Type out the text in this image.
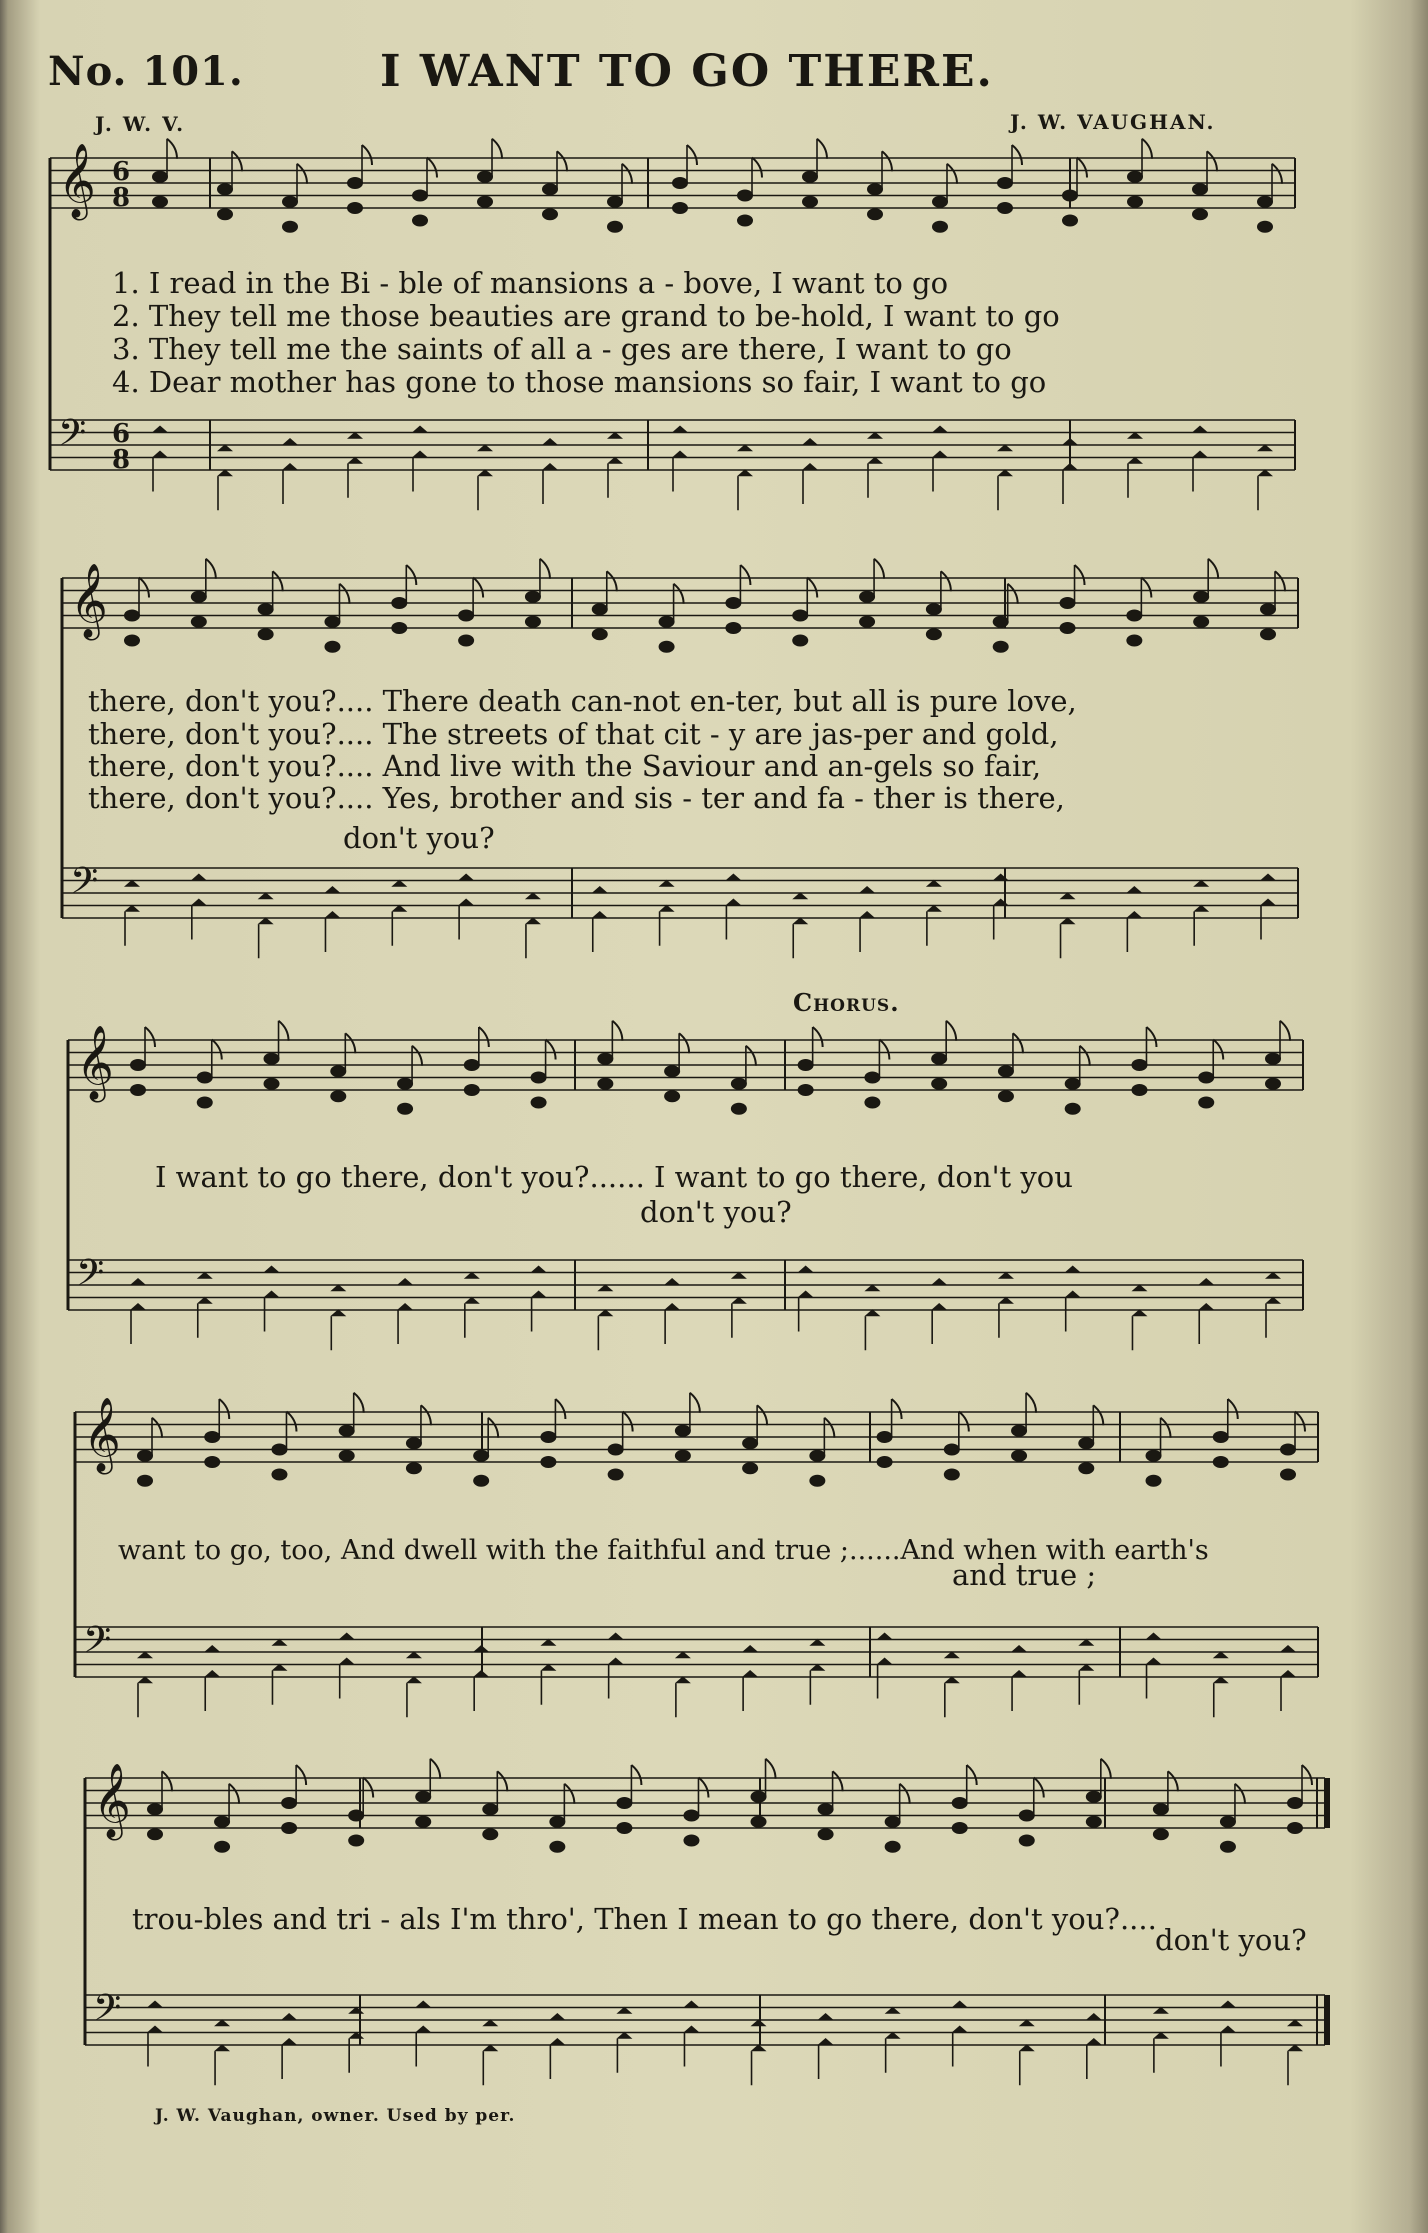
No. 101.	I WANT TO GO THERE.
J. W. V.	J. W. VAUGHAN.
𝄞 6
8
𝄢 6
8
𝄞
𝄢
𝄞
𝄢
𝄞
𝄢
𝄞
𝄢
1. I read in the Bi - ble of mansions a - bove, I want to go
2. They tell me those beauties are grand to be-hold, I want to go
3. They tell me the saints of all a - ges are there, I want to go
4. Dear mother has gone to those mansions so fair, I want to go
there, don't you?.... There death can-not en-ter, but all is pure love,
there, don't you?.... The streets of that cit - y are jas-per and gold,
there, don't you?.... And live with the Saviour and an-gels so fair,
there, don't you?.... Yes, brother and sis - ter and fa - ther is there,
don't you?
Chorus.
I want to go there, don't you?...... I want to go there, don't you
don't you?
want to go, too, And dwell with the faithful and true ;......And when with earth's
and true ;
trou-bles and tri - als I'm thro', Then I mean to go there, don't you?....
don't you?
J. W. Vaughan, owner. Used by per.
